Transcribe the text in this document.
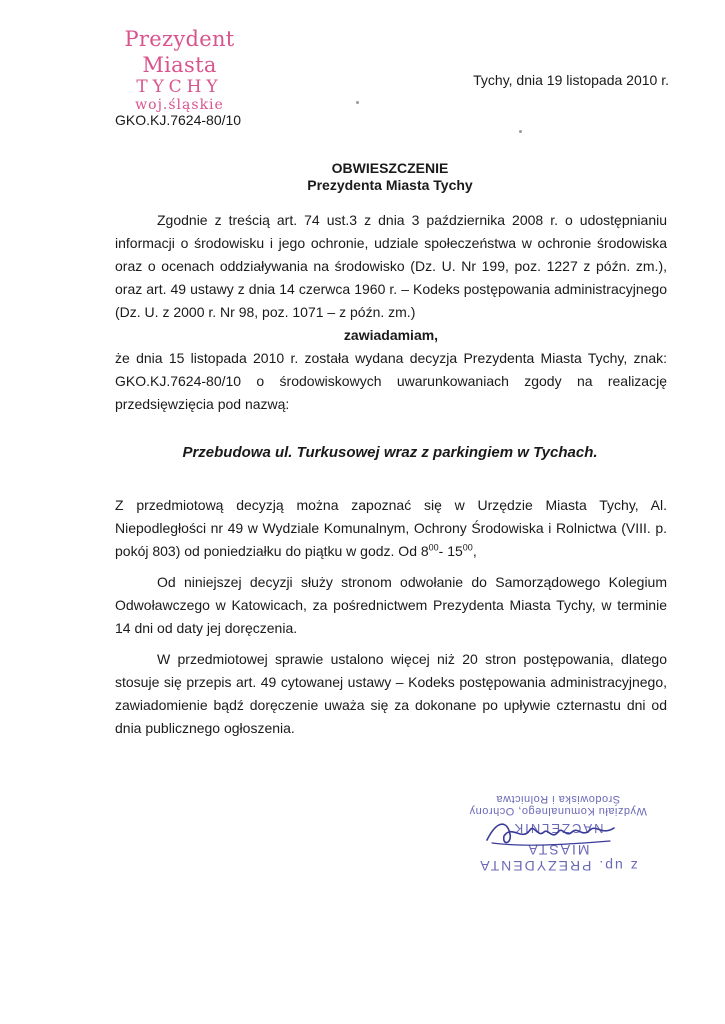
Prezydent Miasta
TYCHY
woj.śląskie
Tychy, dnia 19 listopada 2010 r.
GKO.KJ.7624-80/10
OBWIESZCZENIE
Prezydenta Miasta Tychy
Zgodnie z treścią art. 74 ust.3 z dnia 3 października 2008 r. o udostępnianiu informacji o środowisku i jego ochronie, udziale społeczeństwa w ochronie środowiska oraz o ocenach oddziaływania na środowisko (Dz. U. Nr 199, poz. 1227 z późn. zm.), oraz art. 49 ustawy z dnia 14 czerwca 1960 r. – Kodeks postępowania administracyjnego (Dz. U. z 2000 r. Nr 98, poz. 1071 – z późn. zm.)
zawiadamiam,
że dnia 15 listopada 2010 r. została wydana decyzja Prezydenta Miasta Tychy, znak: GKO.KJ.7624-80/10 o środowiskowych uwarunkowaniach zgody na realizację przedsięwzięcia pod nazwą:
Przebudowa ul. Turkusowej wraz z parkingiem w Tychach.
Z przedmiotową decyzją można zapoznać się w Urzędzie Miasta Tychy, Al. Niepodległości nr 49 w Wydziale Komunalnym, Ochrony Środowiska i Rolnictwa (VIII. p. pokój 803) od poniedziałku do piątku w godz. Od $8^{00}-$ $15^{00}$,
Od niniejszej decyzji służy stronom odwołanie do Samorządowego Kolegium Odwoławczego w Katowicach, za pośrednictwem Prezydenta Miasta Tychy, w terminie 14 dni od daty jej doręczenia.
W przedmiotowej sprawie ustalono więcej niż 20 stron postępowania, dlatego stosuje się przepis art. 49 cytowanej ustawy – Kodeks postępowania administracyjnego, zawiadomienie bądź doręczenie uważa się za dokonane po upływie czternastu dni od dnia publicznego ogłoszenia.
z up. PREZYDENTA MIASTA
NACZELNIK
Wydziału Komunalnego, Ochrony Środowiska i Rolnictwa
